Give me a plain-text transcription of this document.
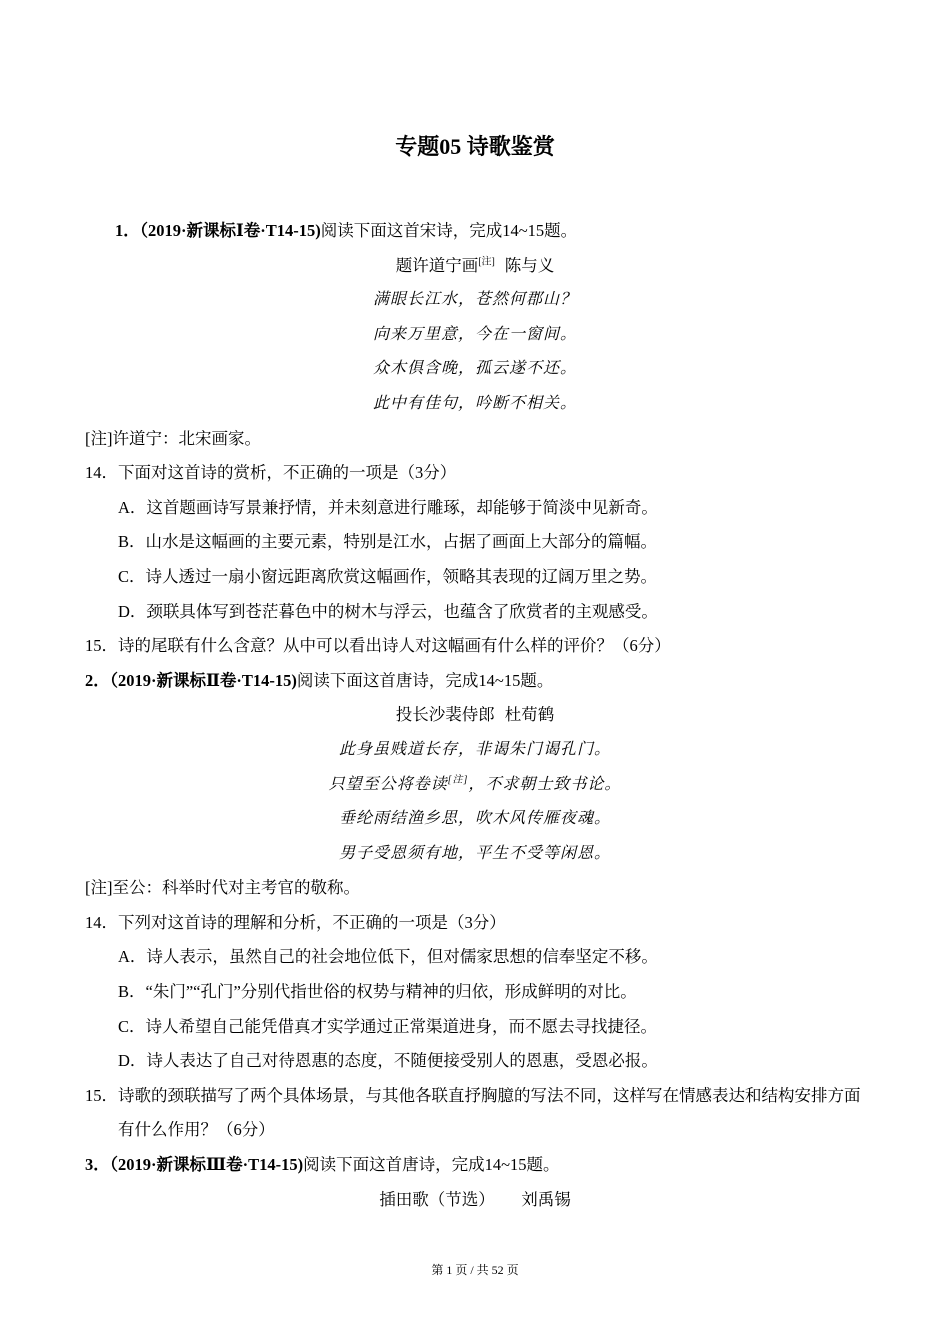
专题05 诗歌鉴赏

1．（2019·新课标Ⅰ卷·T14-15)阅读下面这首宋诗，完成14~15题。

题许道宁画[注] 陈与义

满眼长江水，苍然何郡山？

向来万里意，今在一窗间。

众木俱含晚，孤云遂不还。

此中有佳句，吟断不相关。

[注]许道宁：北宋画家。

14．下面对这首诗的赏析，不正确的一项是（3分）

A．这首题画诗写景兼抒情，并未刻意进行雕琢，却能够于简淡中见新奇。

B．山水是这幅画的主要元素，特别是江水，占据了画面上大部分的篇幅。

C．诗人透过一扇小窗远距离欣赏这幅画作，领略其表现的辽阔万里之势。

D．颈联具体写到苍茫暮色中的树木与浮云，也蕴含了欣赏者的主观感受。

15．诗的尾联有什么含意？从中可以看出诗人对这幅画有什么样的评价？（6分）

2．（2019·新课标Ⅱ卷·T14-15)阅读下面这首唐诗，完成14~15题。

投长沙裴侍郎 杜荀鹤

此身虽贱道长存，非谒朱门谒孔门。

只望至公将卷读[注]，不求朝士致书论。

垂纶雨结渔乡思，吹木风传雁夜魂。

男子受恩须有地，平生不受等闲恩。

[注]至公：科举时代对主考官的敬称。

14．下列对这首诗的理解和分析，不正确的一项是（3分）

A．诗人表示，虽然自己的社会地位低下，但对儒家思想的信奉坚定不移。

B．“朱门”“孔门”分别代指世俗的权势与精神的归依，形成鲜明的对比。

C．诗人希望自己能凭借真才实学通过正常渠道进身，而不愿去寻找捷径。

D．诗人表达了自己对待恩惠的态度，不随便接受别人的恩惠，受恩必报。

15．诗歌的颈联描写了两个具体场景，与其他各联直抒胸臆的写法不同，这样写在情感表达和结构安排方面有什么作用？（6分）

3．（2019·新课标Ⅲ卷·T14-15)阅读下面这首唐诗，完成14~15题。

插田歌（节选） 刘禹锡

第 1 页 / 共 52 页
